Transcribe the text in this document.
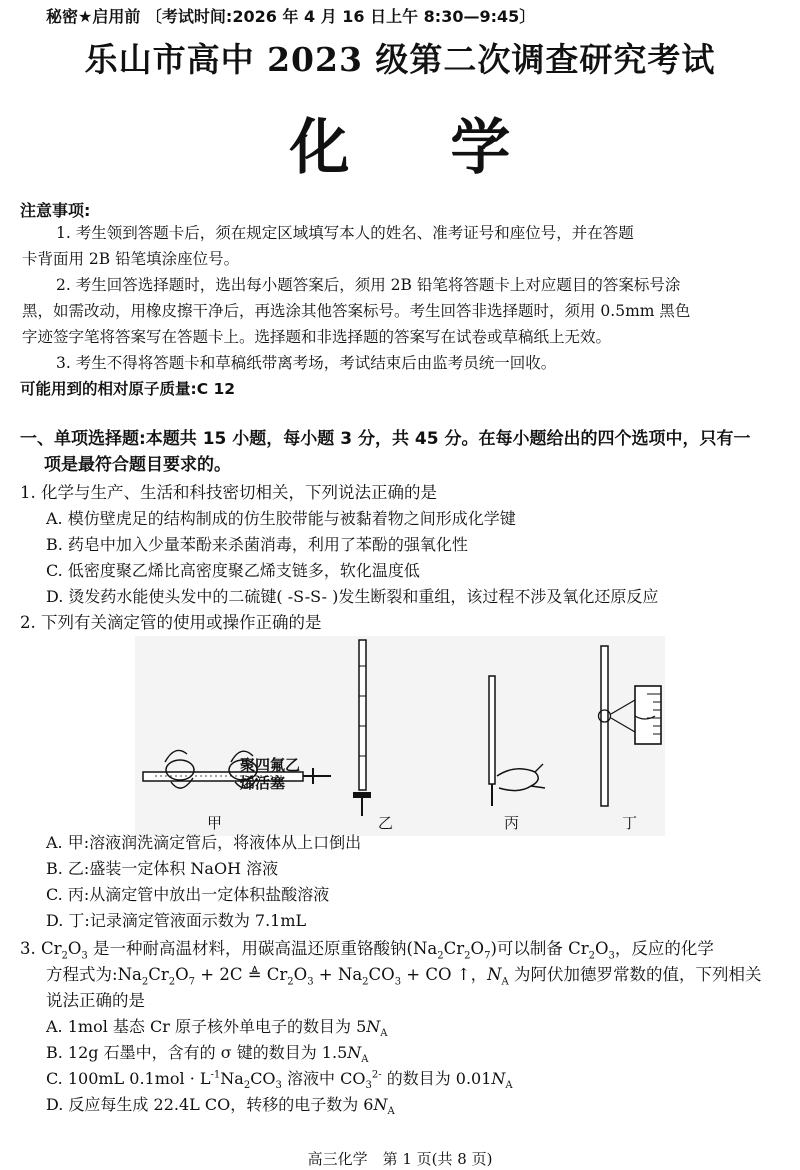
秘密★启用前 〔考试时间:2026 年 4 月 16 日上午 8:30—9:45〕
乐山市高中 2023 级第二次调查研究考试
化 学
注意事项:
1. 考生领到答题卡后，须在规定区域填写本人的姓名、准考证号和座位号，并在答题
卡背面用 2B 铅笔填涂座位号。
2. 考生回答选择题时，选出每小题答案后，须用 2B 铅笔将答题卡上对应题目的答案标号涂
黑，如需改动，用橡皮擦干净后，再选涂其他答案标号。考生回答非选择题时，须用 0.5mm 黑色
字迹签字笔将答案写在答题卡上。选择题和非选择题的答案写在试卷或草稿纸上无效。
3. 考生不得将答题卡和草稿纸带离考场，考试结束后由监考员统一回收。
可能用到的相对原子质量:C 12
一、单项选择题:本题共 15 小题，每小题 3 分，共 45 分。在每小题给出的四个选项中，只有一
项是最符合题目要求的。
1. 化学与生产、生活和科技密切相关，下列说法正确的是
A. 模仿壁虎足的结构制成的仿生胶带能与被黏着物之间形成化学键
B. 药皂中加入少量苯酚来杀菌消毒，利用了苯酚的强氧化性
C. 低密度聚乙烯比高密度聚乙烯支链多，软化温度低
D. 烫发药水能使头发中的二硫键( -S-S- )发生断裂和重组，该过程不涉及氧化还原反应
2. 下列有关滴定管的使用或操作正确的是
聚四氟乙
烯活塞
甲	乙	丙	丁
A. 甲:溶液润洗滴定管后，将液体从上口倒出
B. 乙:盛装一定体积 NaOH 溶液
C. 丙:从滴定管中放出一定体积盐酸溶液
D. 丁:记录滴定管液面示数为 7.1mL
3. $Cr_2O_3$ 是一种耐高温材料，用碳高温还原重铬酸钠$(Na_2Cr_2O_7)$可以制备 $Cr_2O_3$，反应的化学
方程式为$:Na_2Cr_2O_7 + 2C$ ≜ $Cr_2O_3 + Na_2CO_3$ + CO ↑，$N_A$ 为阿伏加德罗常数的值，下列相关
说法正确的是
A. 1mol 基态 Cr 原子核外单电子的数目为 $5N_A$
B. 12g 石墨中，含有的 σ 键的数目为 $1.5N_A$
C. 100mL $0.1mol \cdot L^{-1}Na_2CO_3$ 溶液中 $CO_3^{2-}$ 的数目为 $0.01N_A$
D. 反应每生成 22.4L CO，转移的电子数为 $6N_A$
高三化学　第 1 页(共 8 页)
